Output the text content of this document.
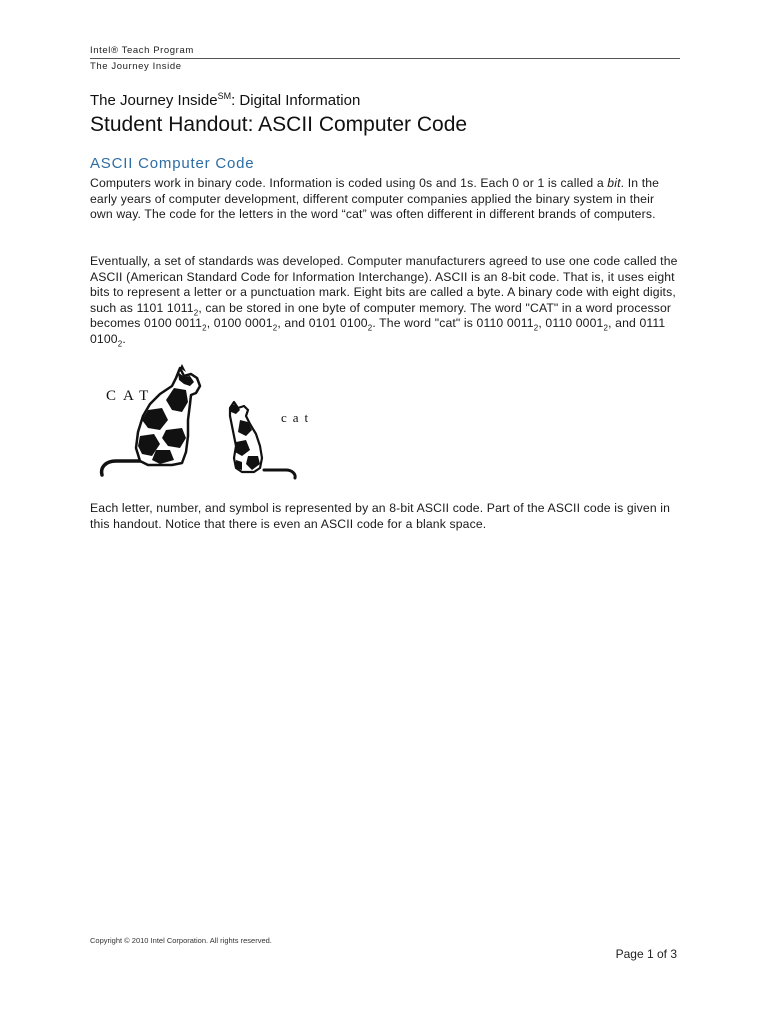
Intel® Teach Program
The Journey Inside
The Journey Inside℠: Digital Information
Student Handout: ASCII Computer Code
ASCII Computer Code
Computers work in binary code. Information is coded using 0s and 1s. Each 0 or 1 is called a bit. In the early years of computer development, different computer companies applied the binary system in their own way. The code for the letters in the word “cat” was often different in different brands of computers.
Eventually, a set of standards was developed. Computer manufacturers agreed to use one code called the ASCII (American Standard Code for Information Interchange). ASCII is an 8-bit code. That is, it uses eight bits to represent a letter or a punctuation mark. Eight bits are called a byte. A binary code with eight digits, such as 1101 $1011_2$, can be stored in one byte of computer memory. The word "CAT" in a word processor becomes 0100 $0011_2$, 0100 $0001_2$, and 0101 $0100_2$. The word "cat" is 0110 $0011_2$, 0110 $0001_2$, and 0111 $0100_2$.
CAT
cat
Each letter, number, and symbol is represented by an 8-bit ASCII code. Part of the ASCII code is given in this handout. Notice that there is even an ASCII code for a blank space.
Copyright © 2010 Intel Corporation. All rights reserved.
Page 1 of 3
